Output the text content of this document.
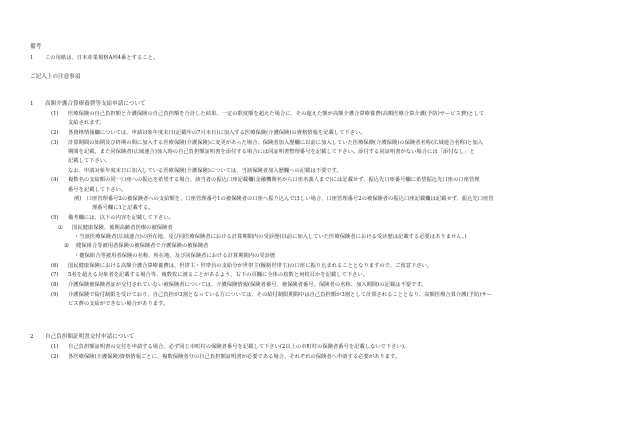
備考
1 この用紙は、日本産業規格A列4番とすること。
ご記入上の注意事項
1 高額介護合算療養費等支給申請について
(1) 医療保険の自己負担額と介護保険の自己負担額を合計した結果、一定の限度額を超えた場合に、その超えた額が高額介護合算療養費(高額医療合算介護(予防)サービス費)として
支給されます。
(2) 各資格情報欄については、申請対象年度末日(記載年の7月末日)に加入する医療保険(介護保険)の資格情報を記載して下さい。
(3) 計算期間の始期及び終期の間に加入する医療保険(介護保険)に変更があった場合、保険者加入歴欄に以前に加入していた医療保険(介護保険)の保険者名称(広域連合名称)と加入
期間を記載、また同保険者(広域連合)加入時の自己負担額証明書を添付する場合には同証明書整理番号を記載して下さい。添付する同証明書がない場合には「添付なし」と
記載して下さい。
なお、申請対象年度末日に加入している医療保険(介護保険)については、当該保険者加入歴欄への記載は不要です。
(4) 複数名の支給額の同一口座への振込を希望する場合、該当者の振込口座記載欄(金融機関名から口座名義人まで)には記載せず、振込先口座番号欄に希望振込先口座の口座管理
番号を記載して下さい。
例)　口座管理番号2の被保険者への支給額を、口座管理番号1の被保険者の口座へ振り込んでほしい場合、口座管理番号2の被保険者の振込口座記載欄は記載せず、振込先口座管
理番号欄に1と記載する。
(5) 備考欄には、以下の内容を記載して下さい。
① 国民健康保険、後期高齢者医療の被保険者
・当該医療保険者(広域連合)の所在地、及び同医療保険者における計算期間内の受診歴(以前に加入していた医療保険者における受診歴は記載する必要はありません。)
② 健保組合等被用者保険の被保険者で介護保険の被保険者
・健保組合等被用者保険の名称、所在地、及び同保険者における計算期間内の受診歴
(6) 国民健康保険における高額介護合算療養費は、世帯主・世帯員の支給分が世帯主(擬制世帯主)の口座に振り込まれることとなりますので、ご留意下さい。
(7) 5名を超える対象者を記載する場合等、複数枚に渡ることがあるよう、右下の頁欄に全体の枚数と何枚目かを記載して下さい。
(8) 介護保険被保険者証が交付されていない被保険者については、介護保険情報(保険者番号、被保険者番号、保険者の名称、加入期間)の記載は不要です。
(9) 介護保険で給付制限を受けており、自己負担が3割となっている方については、その給付制限期間中は自己負担額が3割として計算されることとなり、高額医療合算介護(予防)サー
ビス費の支給ができない場合があります。
2 自己負担額証明書交付申請について
(1) 自己負担額証明書の交付を申請する場合、必ず同じ市町村の保険者番号を記載して下さい(2以上の市町村の保険者番号を記載しないで下さい)。
(2) 各医療保険(介護保険)資格情報ごとに、複数保険者分の自己負担額証明書が必要である場合、それぞれの保険者へ申請する必要があります。
